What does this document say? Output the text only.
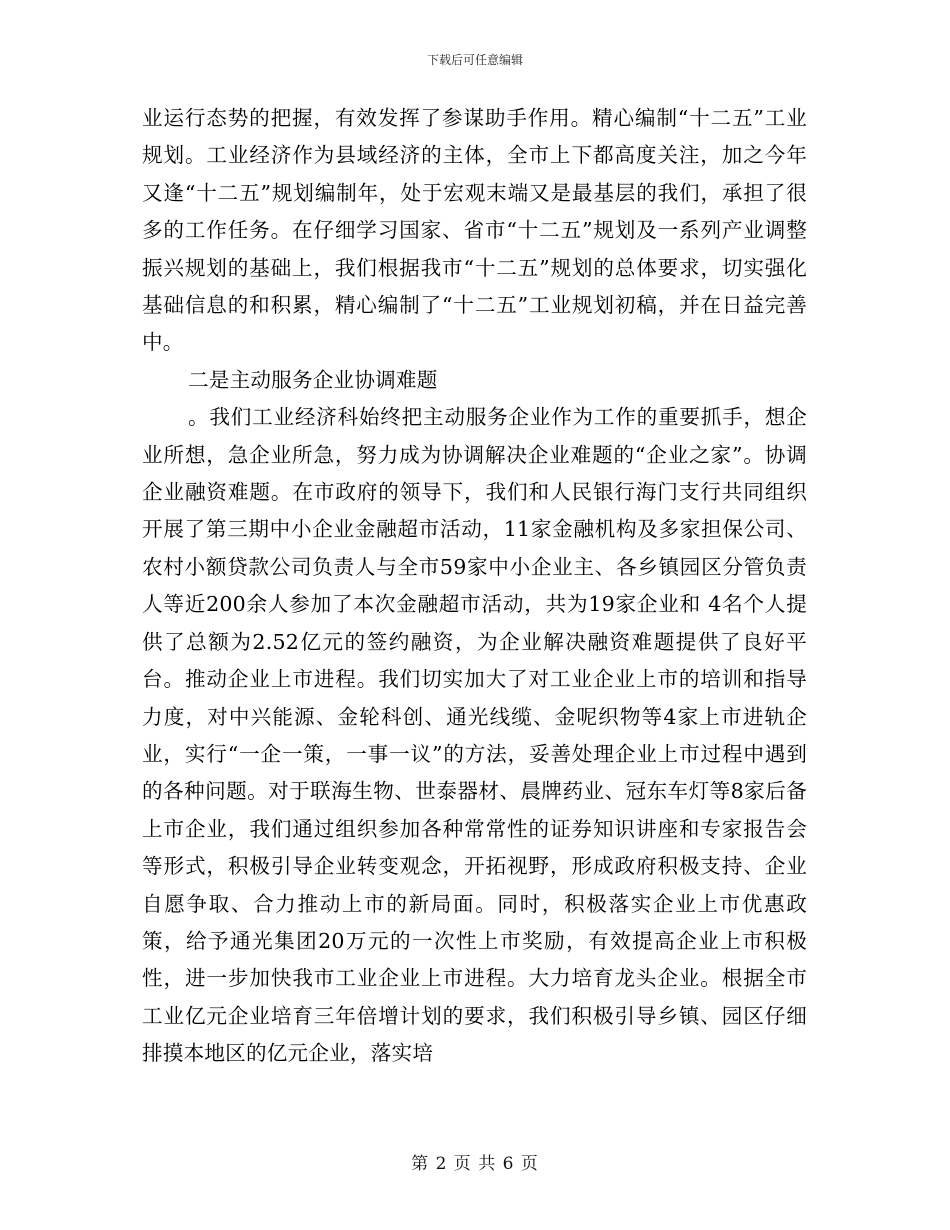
下载后可任意编辑

业运行态势的把握，有效发挥了参谋助手作用。精心编制“十二五”工业规划。工业经济作为县域经济的主体，全市上下都高度关注，加之今年又逢“十二五”规划编制年，处于宏观末端又是最基层的我们，承担了很多的工作任务。在仔细学习国家、省市“十二五”规划及一系列产业调整振兴规划的基础上，我们根据我市“十二五”规划的总体要求，切实强化基础信息的和积累，精心编制了“十二五”工业规划初稿，并在日益完善中。

二是主动服务企业协调难题

。我们工业经济科始终把主动服务企业作为工作的重要抓手，想企业所想，急企业所急，努力成为协调解决企业难题的“企业之家”。协调企业融资难题。在市政府的领导下，我们和人民银行海门支行共同组织开展了第三期中小企业金融超市活动，11家金融机构及多家担保公司、农村小额贷款公司负责人与全市59家中小企业主、各乡镇园区分管负责人等近200余人参加了本次金融超市活动，共为19家企业和 4名个人提供了总额为2.52亿元的签约融资，为企业解决融资难题提供了良好平台。推动企业上市进程。我们切实加大了对工业企业上市的培训和指导力度，对中兴能源、金轮科创、通光线缆、金呢织物等4家上市进轨企业，实行“一企一策，一事一议”的方法，妥善处理企业上市过程中遇到的各种问题。对于联海生物、世泰器材、晨牌药业、冠东车灯等8家后备上市企业，我们通过组织参加各种常常性的证券知识讲座和专家报告会等形式，积极引导企业转变观念，开拓视野，形成政府积极支持、企业自愿争取、合力推动上市的新局面。同时，积极落实企业上市优惠政策，给予通光集团20万元的一次性上市奖励，有效提高企业上市积极性，进一步加快我市工业企业上市进程。大力培育龙头企业。根据全市工业亿元企业培育三年倍增计划的要求，我们积极引导乡镇、园区仔细排摸本地区的亿元企业，落实培

第 2 页 共 6 页
